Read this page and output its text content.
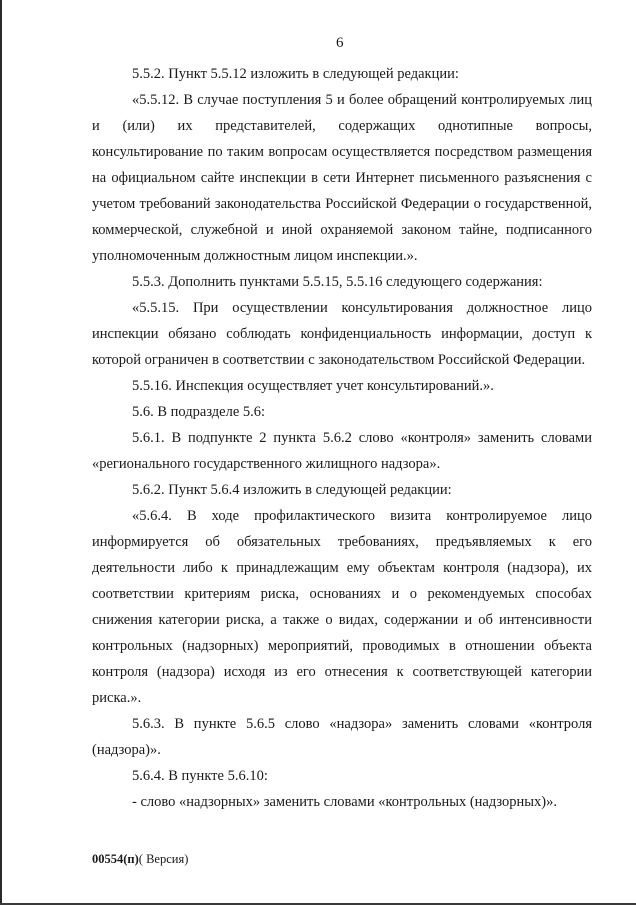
6

5.5.2. Пункт 5.5.12 изложить в следующей редакции:

«5.5.12. В случае поступления 5 и более обращений контролируемых лиц и (или) их представителей, содержащих однотипные вопросы, консультирование по таким вопросам осуществляется посредством размещения на официальном сайте инспекции в сети Интернет письменного разъяснения с учетом требований законодательства Российской Федерации о государственной, коммерческой, служебной и иной охраняемой законом тайне, подписанного уполномоченным должностным лицом инспекции.».

5.5.3. Дополнить пунктами 5.5.15, 5.5.16 следующего содержания:

«5.5.15. При осуществлении консультирования должностное лицо инспекции обязано соблюдать конфиденциальность информации, доступ к которой ограничен в соответствии с законодательством Российской Федерации.

5.5.16. Инспекция осуществляет учет консультирований.».

5.6. В подразделе 5.6:

5.6.1. В подпункте 2 пункта 5.6.2 слово «контроля» заменить словами «регионального государственного жилищного надзора».

5.6.2. Пункт 5.6.4 изложить в следующей редакции:

«5.6.4. В ходе профилактического визита контролируемое лицо информируется об обязательных требованиях, предъявляемых к его деятельности либо к принадлежащим ему объектам контроля (надзора), их соответствии критериям риска, основаниях и о рекомендуемых способах снижения категории риска, а также о видах, содержании и об интенсивности контрольных (надзорных) мероприятий, проводимых в отношении объекта контроля (надзора) исходя из его отнесения к соответствующей категории риска.».

5.6.3. В пункте 5.6.5 слово «надзора» заменить словами «контроля (надзора)».

5.6.4. В пункте 5.6.10:

- слово «надзорных» заменить словами «контрольных (надзорных)».

00554(п)( Версия)
